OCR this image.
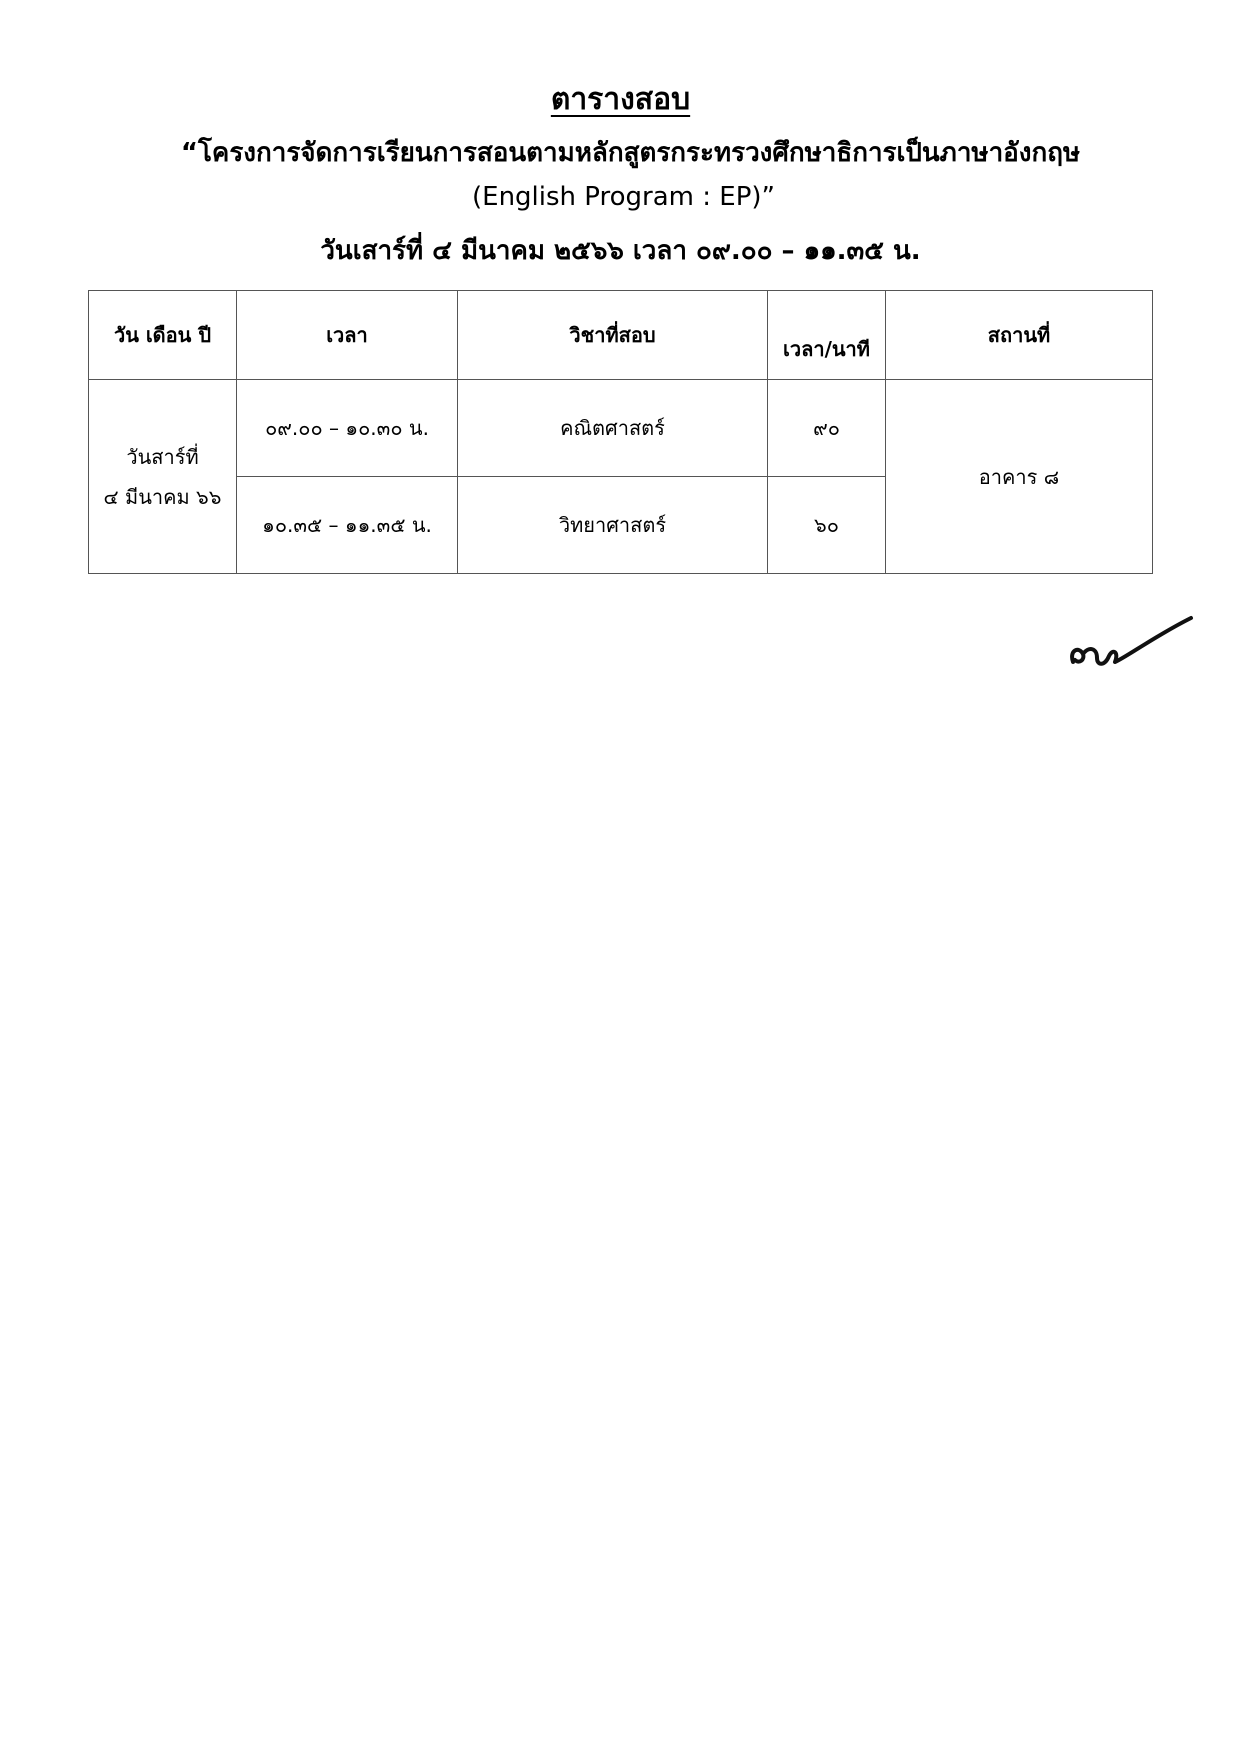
ตารางสอบ
“โครงการจัดการเรียนการสอนตามหลักสูตรกระทรวงศึกษาธิการเป็นภาษาอังกฤษ
(English Program : EP)”
วันเสาร์ที่ ๔ มีนาคม ๒๕๖๖ เวลา ๐๙.๐๐ – ๑๑.๓๕ น.
วัน เดือน ปี	เวลา	วิชาที่สอบ	เวลา/นาที	สถานที่

วันสาร์ที่
๔ มีนาคม ๖๖	๐๙.๐๐ – ๑๐.๓๐ น.	คณิตศาสตร์	๙๐	อาคาร ๘
	๑๐.๓๕ – ๑๑.๓๕ น.	วิทยาศาสตร์	๖๐	
